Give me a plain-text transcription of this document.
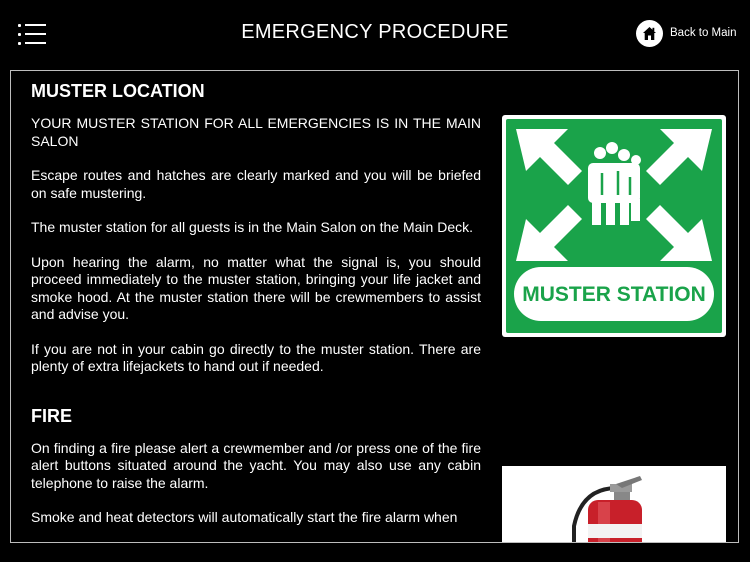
EMERGENCY PROCEDURE	Back to Main
MUSTER LOCATION

YOUR MUSTER STATION FOR ALL EMERGENCIES IS IN THE MAIN SALON

Escape routes and hatches are clearly marked and you will be briefed on safe mustering.

The muster station for all guests is in the Main Salon on the Main Deck.

Upon hearing the alarm, no matter what the signal is, you should proceed immediately to the muster station, bringing your life jacket and smoke hood. At the muster station there will be crewmembers to assist and advise you.

If you are not in your cabin go directly to the muster station. There are plenty of extra lifejackets to hand out if needed.

FIRE

On finding a fire please alert a crewmember and /or press one of the fire alert buttons situated around the yacht. You may also use any cabin telephone to raise the alarm.

Smoke and heat detectors will automatically start the fire alarm when

MUSTER STATION
